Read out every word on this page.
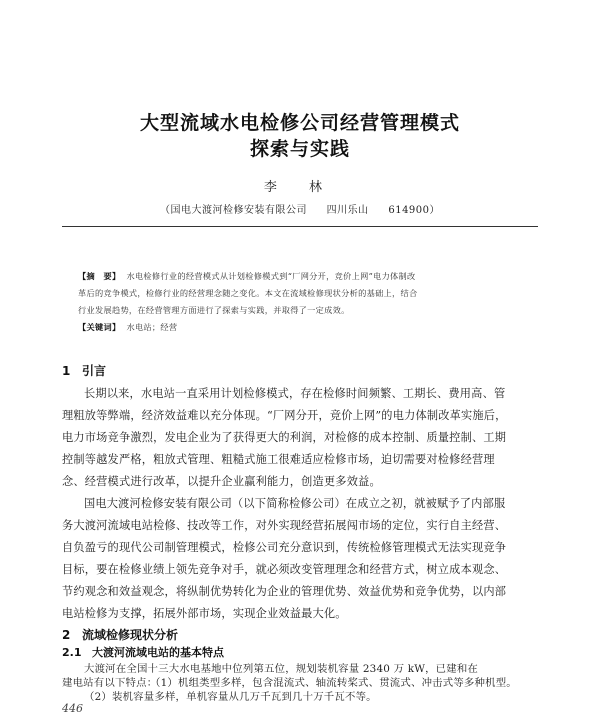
大型流域水电检修公司经营管理模式
探索与实践
李 林
（国电大渡河检修安装有限公司 四川乐山 614900）
【摘　要】 水电检修行业的经营模式从计划检修模式到“厂网分开，竞价上网”电力体制改
革后的竞争模式，检修行业的经营理念随之变化。本文在流域检修现状分析的基础上，结合
行业发展趋势，在经营管理方面进行了探索与实践，并取得了一定成效。
【关键词】 水电站；经营
1 引言
长期以来，水电站一直采用计划检修模式，存在检修时间频繁、工期长、费用高、管
理粗放等弊端，经济效益难以充分体现。“厂网分开，竞价上网”的电力体制改革实施后，
电力市场竞争激烈，发电企业为了获得更大的利润，对检修的成本控制、质量控制、工期
控制等越发严格，粗放式管理、粗糙式施工很难适应检修市场，迫切需要对检修经营理
念、经营模式进行改革，以提升企业赢利能力，创造更多效益。
国电大渡河检修安装有限公司（以下简称检修公司）在成立之初，就被赋予了内部服
务大渡河流域电站检修、技改等工作，对外实现经营拓展闯市场的定位，实行自主经营、
自负盈亏的现代公司制管理模式，检修公司充分意识到，传统检修管理模式无法实现竞争
目标，要在检修业绩上领先竞争对手，就必须改变管理理念和经营方式，树立成本观念、
节约观念和效益观念，将纵制优势转化为企业的管理优势、效益优势和竞争优势，以内部
电站检修为支撑，拓展外部市场，实现企业效益最大化。
2 流域检修现状分析
2.1 大渡河流域电站的基本特点
大渡河在全国十三大水电基地中位列第五位，规划装机容量 2340 万 kW，已建和在
建电站有以下特点：
（1）机组类型多样，包含混流式、轴流转桨式、贯流式、冲击式等多种机型。
（2）装机容量多样，单机容量从几万千瓦到几十万千瓦不等。
446
